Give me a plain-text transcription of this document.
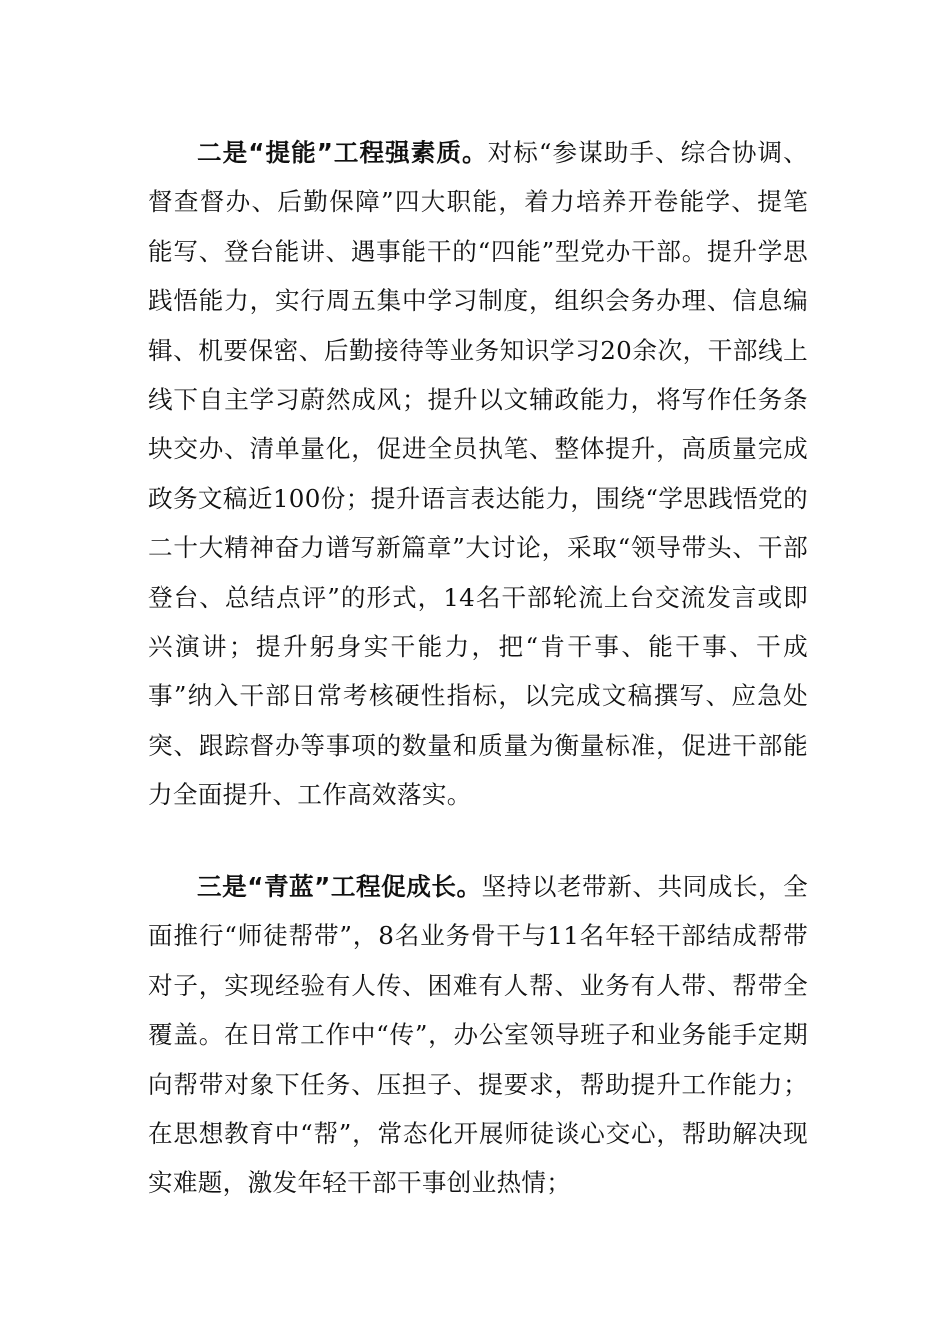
二是“提能”工程强素质。对标“参谋助手、综合协调、督查督办、后勤保障”四大职能，着力培养开卷能学、提笔能写、登台能讲、遇事能干的“四能”型党办干部。提升学思践悟能力，实行周五集中学习制度，组织会务办理、信息编辑、机要保密、后勤接待等业务知识学习20余次，干部线上线下自主学习蔚然成风；提升以文辅政能力，将写作任务条块交办、清单量化，促进全员执笔、整体提升，高质量完成政务文稿近100份；提升语言表达能力，围绕“学思践悟党的二十大精神奋力谱写新篇章”大讨论，采取“领导带头、干部登台、总结点评”的形式，14名干部轮流上台交流发言或即兴演讲；提升躬身实干能力，把“肯干事、能干事、干成事”纳入干部日常考核硬性指标，以完成文稿撰写、应急处突、跟踪督办等事项的数量和质量为衡量标准，促进干部能力全面提升、工作高效落实。

三是“青蓝”工程促成长。坚持以老带新、共同成长，全面推行“师徒帮带”，8名业务骨干与11名年轻干部结成帮带对子，实现经验有人传、困难有人帮、业务有人带、帮带全覆盖。在日常工作中“传”，办公室领导班子和业务能手定期向帮带对象下任务、压担子、提要求，帮助提升工作能力；在思想教育中“帮”，常态化开展师徒谈心交心，帮助解决现实难题，激发年轻干部干事创业热情；
